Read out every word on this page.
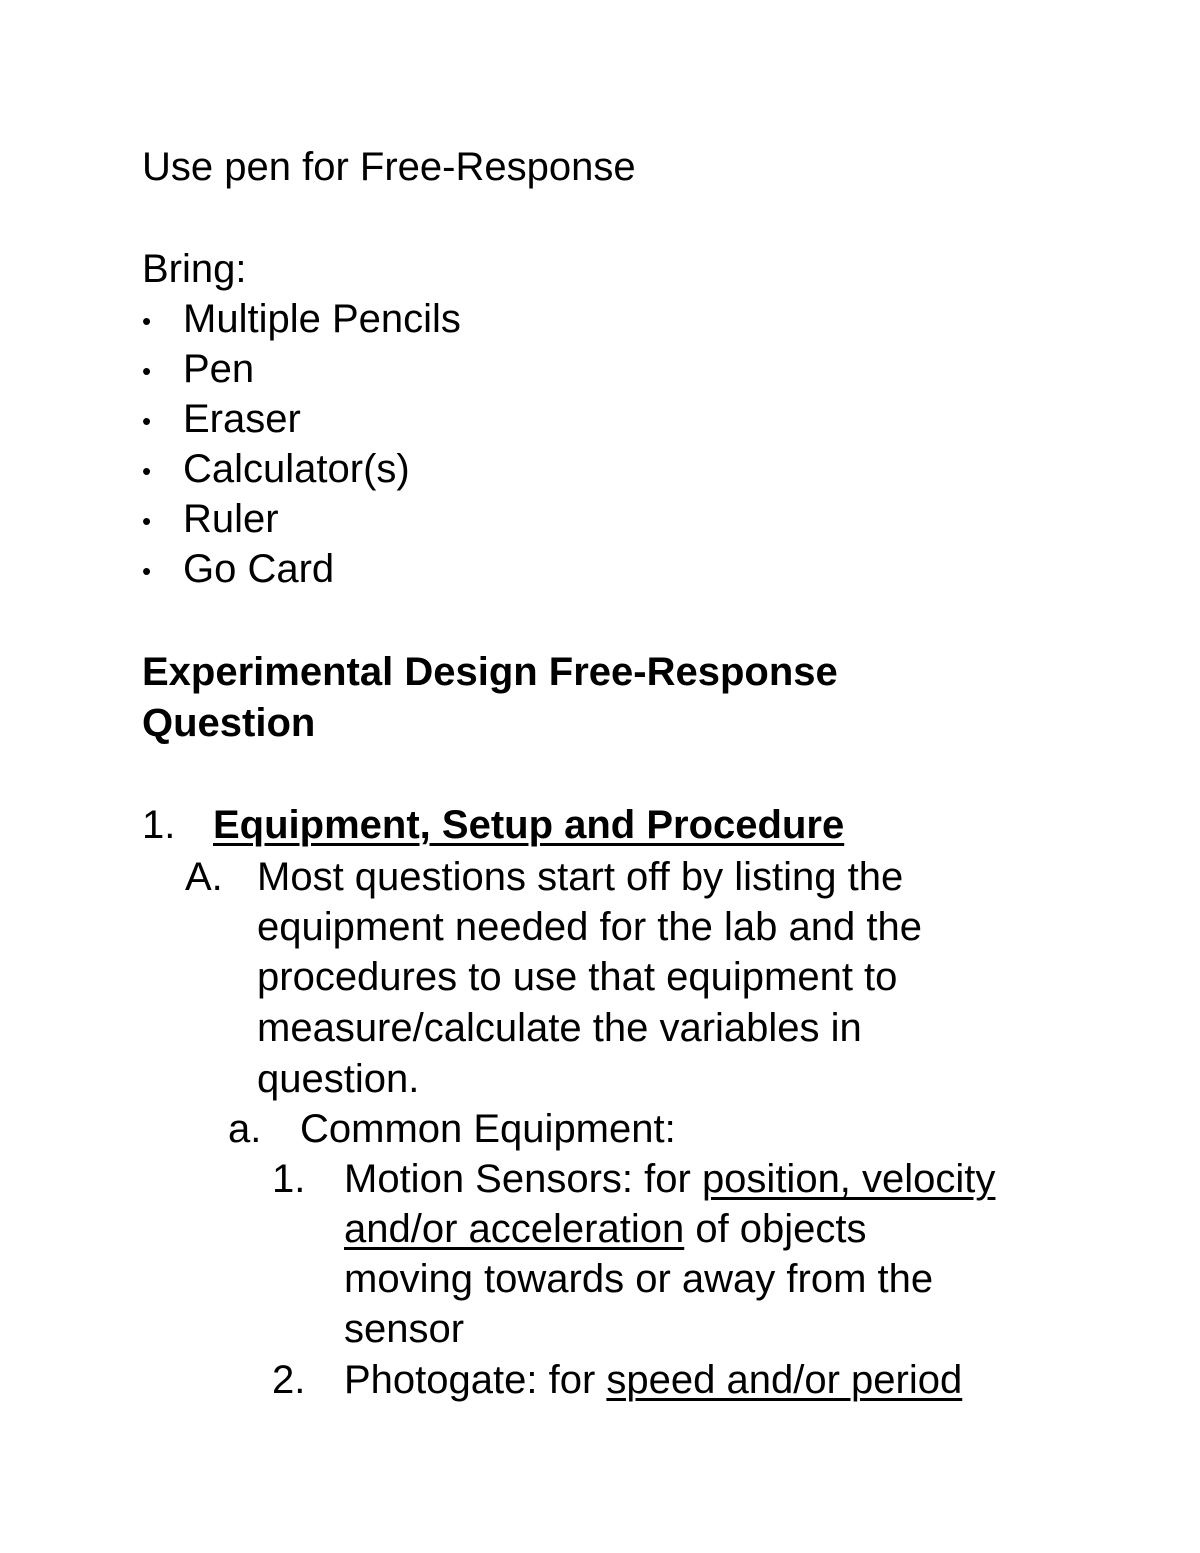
Use pen for Free-Response
Bring:
• Multiple Pencils
• Pen
• Eraser
• Calculator(s)
• Ruler
• Go Card
Experimental Design Free-Response
Question
1. Equipment, Setup and Procedure
A. Most questions start off by listing the
equipment needed for the lab and the
procedures to use that equipment to
measure/calculate the variables in
question.
a. Common Equipment:
1. Motion Sensors: for position, velocity
and/or acceleration of objects
moving towards or away from the
sensor
2. Photogate: for speed and/or period
